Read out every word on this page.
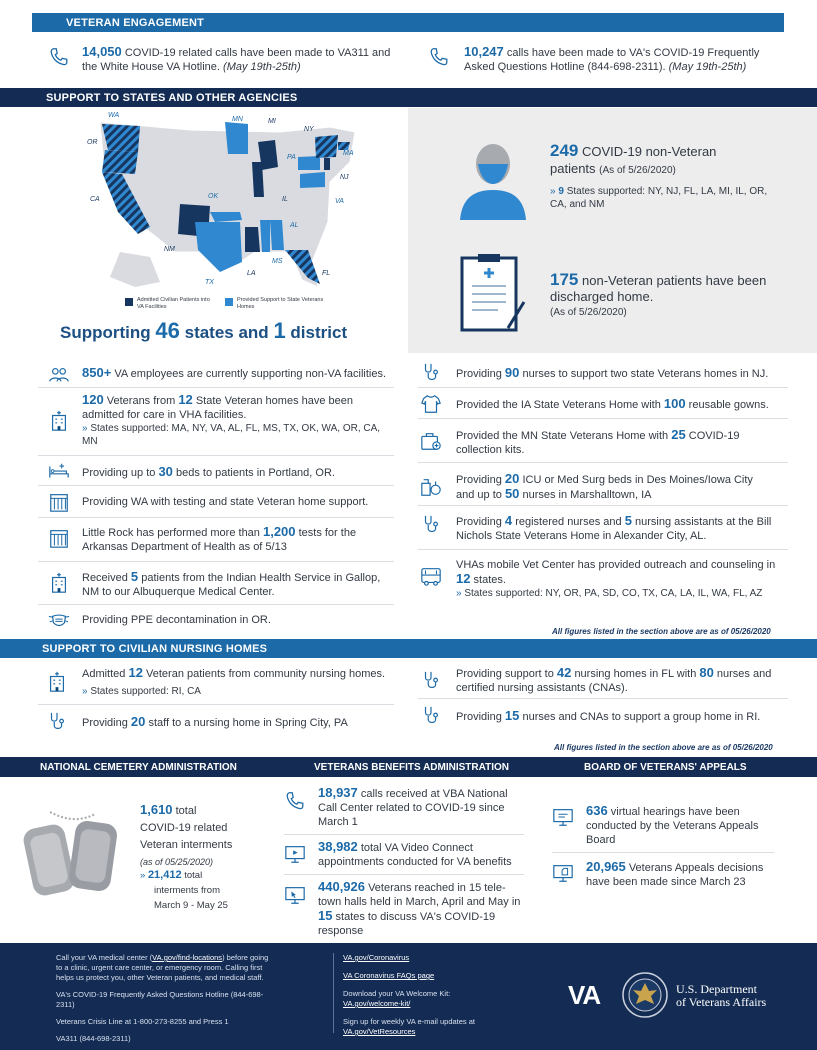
VETERAN ENGAGEMENT
14,050 COVID-19 related calls have been made to VA311 and the White House VA Hotline. (May 19th-25th)
10,247 calls have been made to VA's COVID-19 Frequently Asked Questions Hotline (844-698-2311). (May 19th-25th)
SUPPORT TO STATES AND OTHER AGENCIES
WA
MN	MI
NY
MA
OR
PA
NJ
CA	IL	VA
OK
AL
NM
MS
TX
LA	FL
Admitted Civilian Patients into VA Facilities
Provided Support to State Veterans Homes
Supporting 46 states and 1 district
249 COVID-19 non-Veteran
patients (As of 5/26/2020)
» 9 States supported: NY, NJ, FL, LA, MI, IL, OR, CA, and NM
175 non-Veteran patients have been discharged home.
(As of 5/26/2020)
850+ VA employees are currently supporting non-VA facilities.
120 Veterans from 12 State Veteran homes have been admitted for care in VHA facilities.
» States supported: MA, NY, VA, AL, FL, MS, TX, OK, WA, OR, CA, MN
Providing up to 30 beds to patients in Portland, OR.
Providing WA with testing and state Veteran home support.
Little Rock has performed more than 1,200 tests for the Arkansas Department of Health as of 5/13
Received 5 patients from the Indian Health Service in Gallop, NM to our Albuquerque Medical Center.
Providing PPE decontamination in OR.
Providing 90 nurses to support two state Veterans homes in NJ.
Provided the IA State Veterans Home with 100 reusable gowns.
Provided the MN State Veterans Home with 25 COVID-19 collection kits.
Providing 20 ICU or Med Surg beds in Des Moines/Iowa City and up to 50 nurses in Marshalltown, IA
Providing 4 registered nurses and 5 nursing assistants at the Bill Nichols State Veterans Home in Alexander City, AL.
VHAs mobile Vet Center has provided outreach and counseling in 12 states.
» States supported: NY, OR, PA, SD, CO, TX, CA, LA, IL, WA, FL, AZ
All figures listed in the section above are as of 05/26/2020
SUPPORT TO CIVILIAN NURSING HOMES
Admitted 12 Veteran patients from community nursing homes.
» States supported: RI, CA
Providing 20 staff to a nursing home in Spring City, PA
Providing support to 42 nursing homes in FL with 80 nurses and certified nursing assistants (CNAs).
Providing 15 nurses and CNAs to support a group home in RI.
All figures listed in the section above are as of 05/26/2020
NATIONAL CEMETERY ADMINISTRATION	VETERANS BENEFITS ADMINISTRATION	BOARD OF VETERANS' APPEALS
1,610 total
COVID-19 related
Veteran interments
(as of 05/25/2020)
» 21,412 total
interments from
March 9 - May 25
18,937 calls received at VBA National Call Center related to COVID-19 since March 1
38,982 total VA Video Connect appointments conducted for VA benefits
440,926 Veterans reached in 15 tele-town halls held in March, April and May in 15 states to discuss VA's COVID-19 response
636 virtual hearings have been conducted by the Veterans Appeals Board
20,965 Veterans Appeals decisions have been made since March 23
Call your VA medical center (VA.gov/find-locations) before going to a clinic, urgent care center, or emergency room. Calling first helps us protect you, other Veteran patients, and medical staff.
VA's COVID-19 Frequently Asked Questions Hotline (844-698-2311)
Veterans Crisis Line at 1-800-273-8255 and Press 1
VA311 (844-698-2311)
VA.gov/Coronavirus
VA Coronavirus FAQs page
Download your VA Welcome Kit:
VA.gov/welcome-kit/
Sign up for weekly VA e-mail updates at
VA.gov/VetResources
VA	U.S. Department
of Veterans Affairs
